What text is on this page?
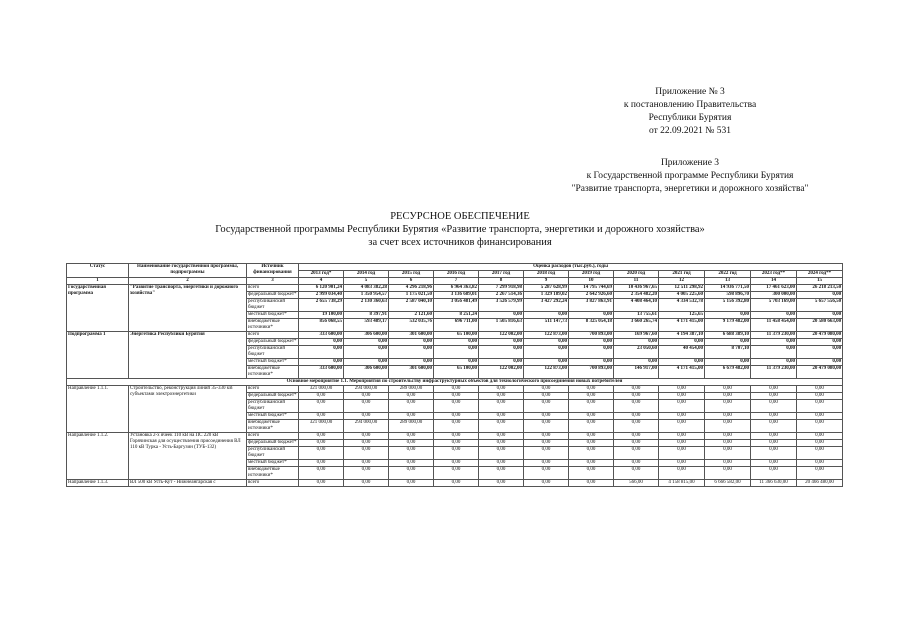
Приложение № 3
к постановлению Правительства
Республики Бурятия
от 22.09.2021 № 531
Приложение 3
к Государственной программе Республики Бурятия
"Развитие транспорта, энергетики и дорожного хозяйства"
РЕСУРСНОЕ ОБЕСПЕЧЕНИЕ
Государственной программы Республики Бурятия «Развитие транспорта, энергетики и дорожного хозяйства»
за счет всех источников финансирования
Статус	Наименование государственной программы, подпрограммы	Источник финансирования	Оценка расходов (тыс.руб.), годы											
			2013 год*	2014 год	2015 год	2016 год	2017 год	2018 год	2019 год	2020 год	2021 год	2022 год	2023 год**	2024 год**
1	2	3	4	5	6	7	8	9	10	11	12	13	14	15
Государственная программа	"Развитие транспорта, энергетики и дорожного хозяйства"	всего	6 120 901,24	4 083 382,28	4 296 218,96	6 964 363,82	7 299 918,98	5 287 628,99	14 795 744,69	10 436 967,65	12 511 298,92	14 936 771,50	17 461 623,00	26 218 213,50
		федеральный бюджет*	2 999 034,40	1 350 954,57	1 175 021,50	3 136 689,01	2 267 514,36	1 329 189,02	2 642 926,60	2 354 482,20	4 005 225,60	598 896,70	300 000,00	0,00
		республиканский бюджет	2 655 738,29	2 130 360,63	2 587 040,10	3 056 481,49	3 526 579,99	3 427 292,24	3 827 863,91	4 408 464,10	4 334 532,78	5 156 392,80	5 703 169,00	5 657 556,50
		местный бюджет*	19 100,00	8 397,91	2 121,60	8 251,24	0,00	0,00	0,00	13 755,61	125,65	0,00	0,00	0,00
		внебюджетные источники*	856 068,55	593 489,17	532 035,76	696 711,00	1 505 816,63	511 147,73	8 325 054,18	3 660 265,74	4 171 415,00	9 179 482,00	11 458 454,00	20 580 663,00
Подпрограмма 1	Энергетика Республики Бурятия	всего	333 600,00	306 600,00	301 600,00	65 100,00	122 002,00	122 873,00	700 893,00	169 967,60	4 194 387,10	6 688 389,10	11 379 230,00	20 479 080,00
		федеральный бюджет*	0,00	0,00	0,00	0,00	0,00	0,00	0,00	0,00	0,00	0,00	0,00	0,00
		республиканский бюджет	0,00	0,00	0,00	0,00	0,00	0,00	0,00	23 050,60	40 454,00	8 707,10	0,00	0,00
		местный бюджет*	0,00	0,00	0,00	0,00	0,00	0,00	0,00	0,00	0,00	0,00	0,00	0,00
		внебюджетные источники*	333 600,00	306 600,00	301 600,00	65 100,00	122 002,00	122 873,00	700 893,00	146 917,00	4 171 415,00	6 679 482,00	11 379 230,00	20 479 080,00
Основное мероприятие 1.1. Мероприятия по строительству инфраструктурных объектов для технологического присоединения новых потребителей														
Направление 1.1.1.	Строительство, реконструкция линий 35-330 кВ субъектами электроэнергетики	всего	321 000,00	294 000,00	289 000,00	0,00	0,00	0,00	0,00	0,00	0,00	0,00	0,00	0,00
		федеральный бюджет*	0,00	0,00	0,00	0,00	0,00	0,00	0,00	0,00	0,00	0,00	0,00	0,00
		республиканский бюджет	0,00	0,00	0,00	0,00	0,00	0,00	0,00	0,00	0,00	0,00	0,00	0,00
		местный бюджет*	0,00	0,00	0,00	0,00	0,00	0,00	0,00	0,00	0,00	0,00	0,00	0,00
		внебюджетные источники*	321 000,00	294 000,00	289 000,00	0,00	0,00	0,00	0,00	0,00	0,00	0,00	0,00	0,00
Направление 1.1.2.	Установка 2-х ячеек 110 кВ на ПС 220 кВ Горячинская для осуществления присоединения ВЛ 110 кВ Турка - Усть-Баргузин (ТУБ-132)	всего	0,00	0,00	0,00	0,00	0,00	0,00	0,00	0,00	0,00	0,00	0,00	0,00
		федеральный бюджет*	0,00	0,00	0,00	0,00	0,00	0,00	0,00	0,00	0,00	0,00	0,00	0,00
		республиканский бюджет	0,00	0,00	0,00	0,00	0,00	0,00	0,00	0,00	0,00	0,00	0,00	0,00
		местный бюджет*	0,00	0,00	0,00	0,00	0,00	0,00	0,00	0,00	0,00	0,00	0,00	0,00
		внебюджетные источники*	0,00	0,00	0,00	0,00	0,00	0,00	0,00	0,00	0,00	0,00	0,00	0,00
Направление 1.1.3.	ВЛ 500 кВ Усть-Кут - Нижнеангарская с	всего	0,00	0,00	0,00	0,00	0,00	0,00	0,00	566,00	4 158 815,00	6 666 582,00	11 366 630,00	20 466 480,00
